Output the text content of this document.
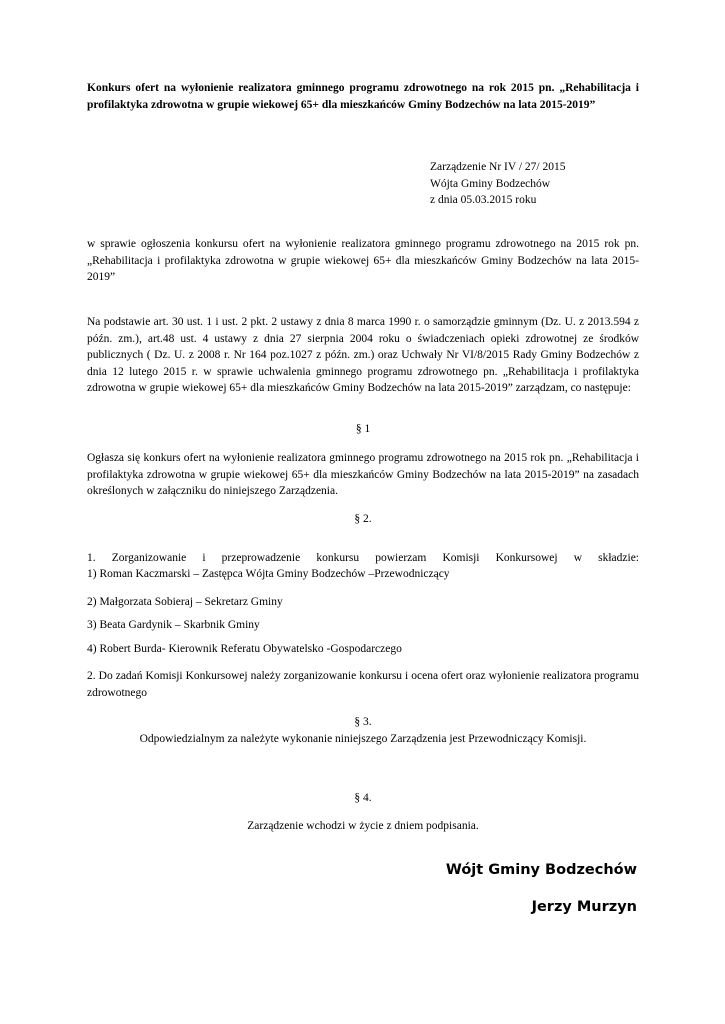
Konkurs ofert na wyłonienie realizatora gminnego programu zdrowotnego na rok 2015 pn. „Rehabilitacja i profilaktyka zdrowotna w grupie wiekowej 65+ dla mieszkańców Gminy Bodzechów na lata 2015-2019”

Zarządzenie Nr IV / 27/ 2015
Wójta Gminy Bodzechów
z dnia 05.03.2015 roku

w sprawie ogłoszenia konkursu ofert na wyłonienie realizatora gminnego programu zdrowotnego na 2015 rok pn. „Rehabilitacja i profilaktyka zdrowotna w grupie wiekowej 65+ dla mieszkańców Gminy Bodzechów na lata 2015-2019”

Na podstawie art. 30 ust. 1 i ust. 2 pkt. 2 ustawy z dnia 8 marca 1990 r. o samorządzie gminnym (Dz. U. z 2013.594 z późn. zm.), art.48 ust. 4 ustawy z dnia 27 sierpnia 2004 roku o świadczeniach opieki zdrowotnej ze środków publicznych ( Dz. U. z 2008 r. Nr 164 poz.1027 z późn. zm.) oraz Uchwały Nr VI/8/2015 Rady Gminy Bodzechów z dnia 12 lutego 2015 r. w sprawie uchwalenia gminnego programu zdrowotnego pn. „Rehabilitacja i profilaktyka zdrowotna w grupie wiekowej 65+ dla mieszkańców Gminy Bodzechów na lata 2015-2019” zarządzam, co następuje:

§ 1

Ogłasza się konkurs ofert na wyłonienie realizatora gminnego programu zdrowotnego na 2015 rok pn. „Rehabilitacja i profilaktyka zdrowotna w grupie wiekowej 65+ dla mieszkańców Gminy Bodzechów na lata 2015-2019” na zasadach określonych w załączniku do niniejszego Zarządzenia.

§ 2.

1. Zorganizowanie i przeprowadzenie konkursu powierzam Komisji Konkursowej w składzie:

1) Roman Kaczmarski – Zastępca Wójta Gminy Bodzechów –Przewodniczący

2) Małgorzata Sobieraj – Sekretarz Gminy

3) Beata Gardynik – Skarbnik Gminy

4) Robert Burda- Kierownik Referatu Obywatelsko -Gospodarczego

2. Do zadań Komisji Konkursowej należy zorganizowanie konkursu i ocena ofert oraz wyłonienie realizatora programu zdrowotnego

§ 3.

Odpowiedzialnym za należyte wykonanie niniejszego Zarządzenia jest Przewodniczący Komisji.

§ 4.

Zarządzenie wchodzi w życie z dniem podpisania.

Wójt Gminy Bodzechów

Jerzy Murzyn
